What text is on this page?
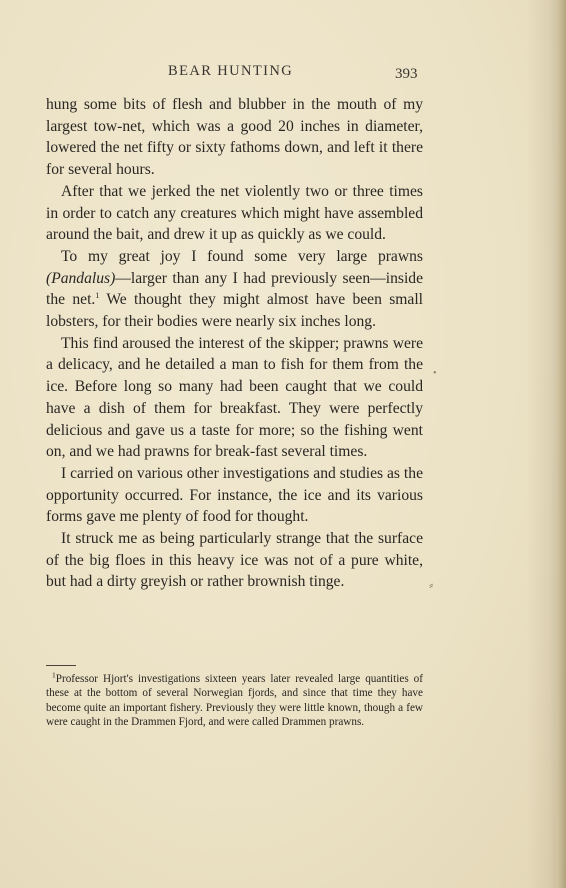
BEAR HUNTING	393

hung some bits of flesh and blubber in the mouth of my largest tow-net, which was a good 20 inches in diameter, lowered the net fifty or sixty fathoms down, and left it there for several hours.

After that we jerked the net violently two or three times in order to catch any creatures which might have assembled around the bait, and drew it up as quickly as we could.

To my great joy I found some very large prawns (Pandalus)—larger than any I had previously seen—inside the net.$^1$ We thought they might almost have been small lobsters, for their bodies were nearly six inches long.

This find aroused the interest of the skipper; prawns were a delicacy, and he detailed a man to fish for them from the ice. Before long so many had been caught that we could have a dish of them for breakfast. They were perfectly delicious and gave us a taste for more; so the fishing went on, and we had prawns for break-fast several times.

I carried on various other investigations and studies as the opportunity occurred. For instance, the ice and its various forms gave me plenty of food for thought.

It struck me as being particularly strange that the surface of the big floes in this heavy ice was not of a pure white, but had a dirty greyish or rather brownish tinge.

$^1$Professor Hjort's investigations sixteen years later revealed large quantities of these at the bottom of several Norwegian fjords, and since that time they have become quite an important fishery. Previously they were little known, though a few were caught in the Drammen Fjord, and were called Drammen prawns.

•
⸗
